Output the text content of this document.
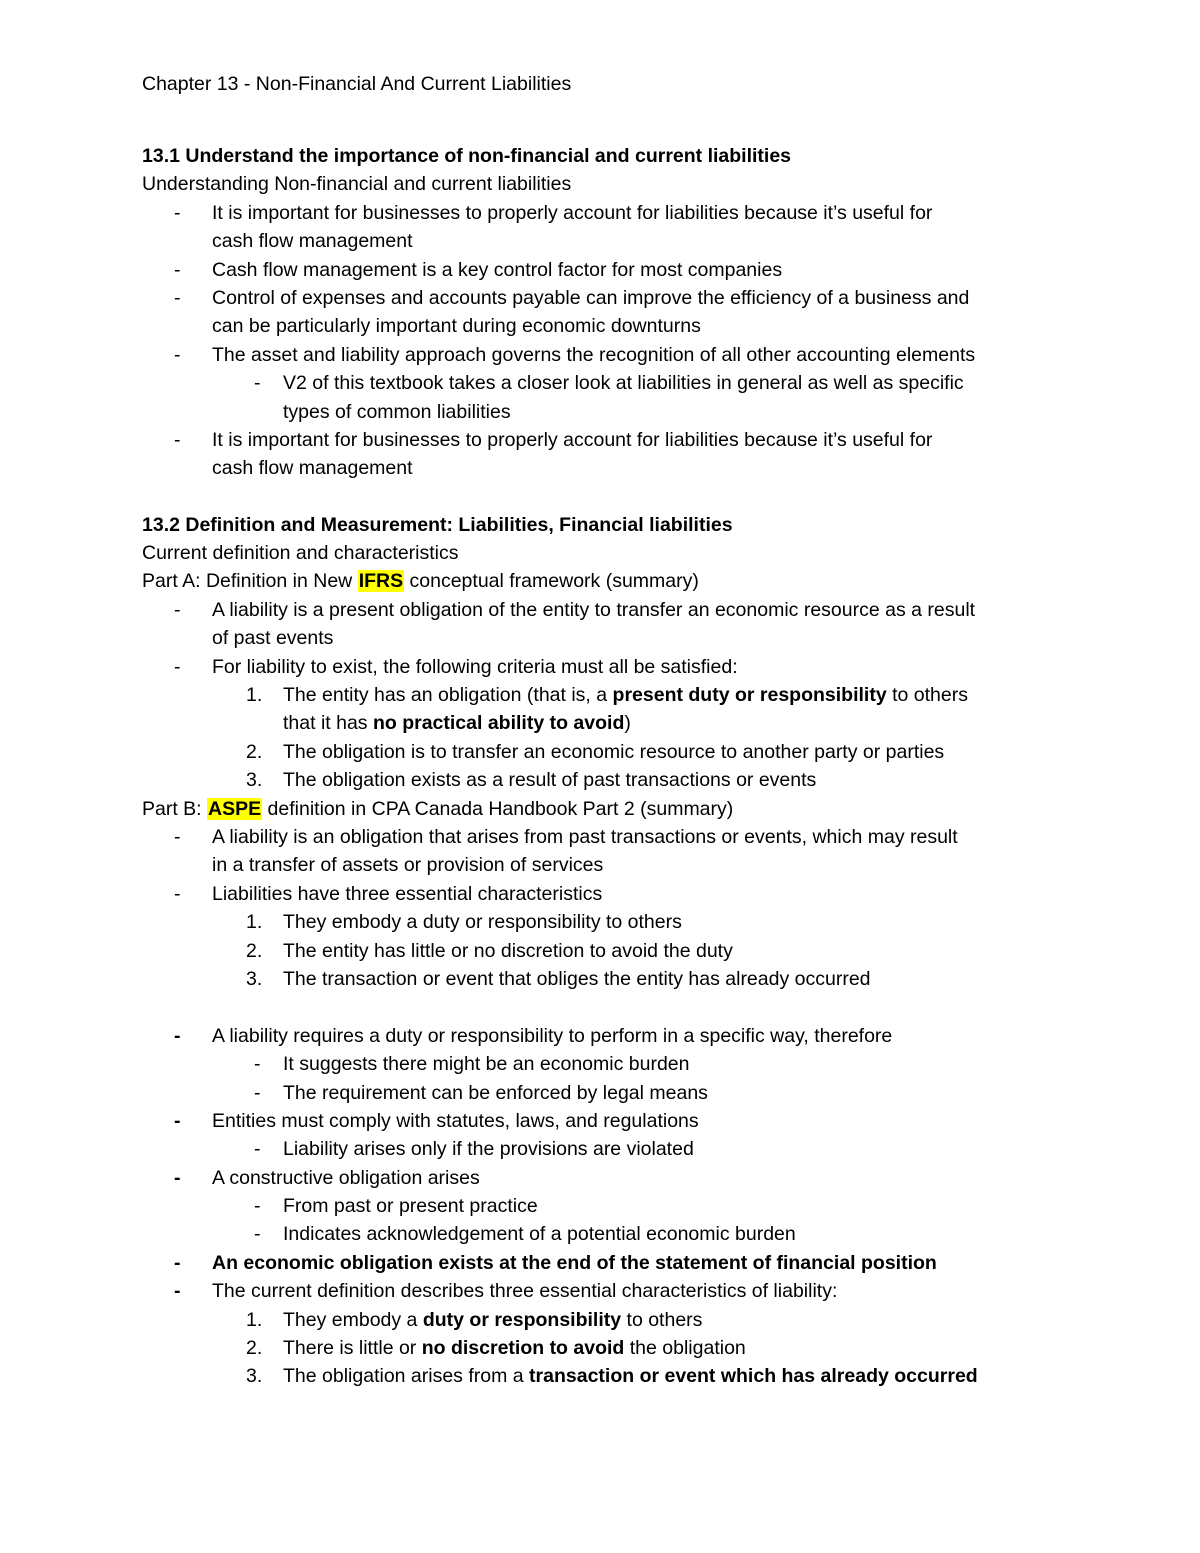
Chapter 13 - Non-Financial And Current Liabilities
13.1 Understand the importance of non-financial and current liabilities
Understanding Non-financial and current liabilities
- It is important for businesses to properly account for liabilities because it’s useful for
cash flow management
- Cash flow management is a key control factor for most companies
- Control of expenses and accounts payable can improve the efficiency of a business and
can be particularly important during economic downturns
- The asset and liability approach governs the recognition of all other accounting elements
- V2 of this textbook takes a closer look at liabilities in general as well as specific
types of common liabilities
- It is important for businesses to properly account for liabilities because it’s useful for
cash flow management
13.2 Definition and Measurement: Liabilities, Financial liabilities
Current definition and characteristics
Part A: Definition in New IFRS conceptual framework (summary)
- A liability is a present obligation of the entity to transfer an economic resource as a result
of past events
- For liability to exist, the following criteria must all be satisfied:
1. The entity has an obligation (that is, a present duty or responsibility to others
that it has no practical ability to avoid)
2. The obligation is to transfer an economic resource to another party or parties
3. The obligation exists as a result of past transactions or events
Part B: ASPE definition in CPA Canada Handbook Part 2 (summary)
- A liability is an obligation that arises from past transactions or events, which may result
in a transfer of assets or provision of services
- Liabilities have three essential characteristics
1. They embody a duty or responsibility to others
2. The entity has little or no discretion to avoid the duty
3. The transaction or event that obliges the entity has already occurred
- A liability requires a duty or responsibility to perform in a specific way, therefore
- It suggests there might be an economic burden
- The requirement can be enforced by legal means
- Entities must comply with statutes, laws, and regulations
- Liability arises only if the provisions are violated
- A constructive obligation arises
- From past or present practice
- Indicates acknowledgement of a potential economic burden
- An economic obligation exists at the end of the statement of financial position
- The current definition describes three essential characteristics of liability:
1. They embody a duty or responsibility to others
2. There is little or no discretion to avoid the obligation
3. The obligation arises from a transaction or event which has already occurred
